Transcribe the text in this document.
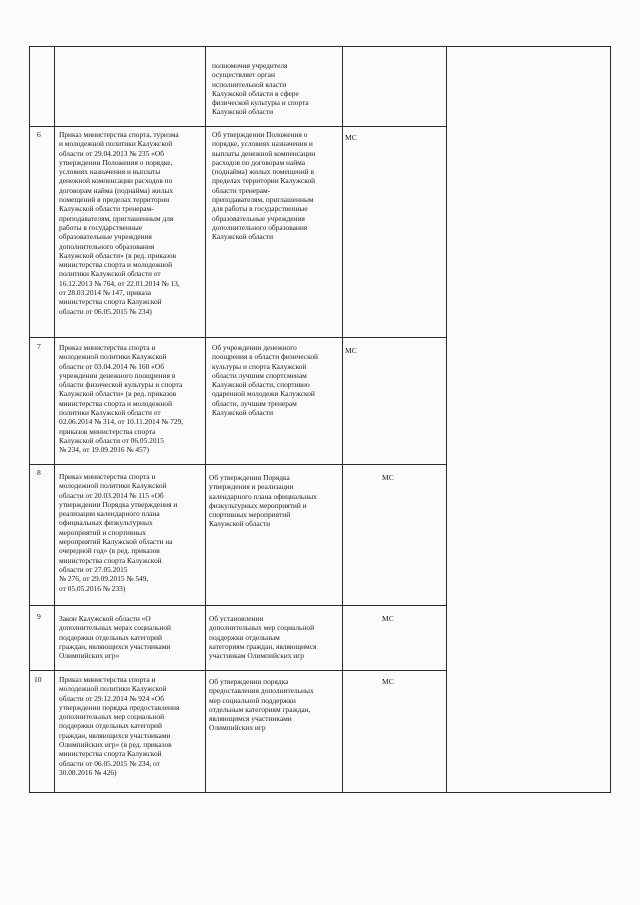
полномочия учредителя
осуществляет орган
исполнительной власти
Калужской области в сфере
физической культуры и спорта
Калужской области
6 Приказ министерства спорта, туризма
и молодежной политики Калужской
области от 29.04.2013 № 235 «Об
утверждении Положения о порядке,
условиях назначения и выплаты
денежной компенсации расходов по
договорам найма (поднайма) жилых
помещений в пределах территории
Калужской области тренерам-
преподавателям, приглашенным для
работы в государственные
образовательные учреждения
дополнительного образования
Калужской области» (в ред. приказов
министерства спорта и молодежной
политики Калужской области от
16.12.2013 № 764, от 22.01.2014 № 13,
от 28.03.2014 № 147, приказа
министерства спорта Калужской
области от 06.05.2015 № 234)
Об утверждении Положения о
порядке, условиях назначения и
выплаты денежной компенсации
расходов по договорам найма
(поднайма) жилых помещений в
пределах территории Калужской
области тренерам-
преподавателям, приглашенным
для работы в государственные
образовательные учреждения
дополнительного образования
Калужской области
МС
7 Приказ министерства спорта и
молодежной политики Калужской
области от 03.04.2014 № 160 «Об
учреждении денежного поощрения в
области физической культуры и спорта
Калужской области» (в ред. приказов
министерства спорта и молодежной
политики Калужской области от
02.06.2014 № 314, от 10.11.2014 № 729,
приказов министерства спорта
Калужской области от 06.05.2015
№ 234, от 19.09.2016 № 457)
Об учреждении денежного
поощрения в области физической
культуры и спорта Калужской
области лучшим спортсменам
Калужской области, спортивно
одаренной молодежи Калужской
области, лучшим тренерам
Калужской области
МС
8 Приказ министерства спорта и
молодежной политики Калужской
области от 20.03.2014 № 115 «Об
утверждении Порядка утверждения и
реализации календарного плана
официальных физкультурных
мероприятий и спортивных
мероприятий Калужской области на
очередной год» (в ред. приказов
министерства спорта Калужской
области от 27.05.2015
№ 276, от 29.09.2015 № 549,
от 05.05.2016 № 233)
Об утверждении Порядка
утверждения и реализации
календарного плана официальных
физкультурных мероприятий и
спортивных мероприятий
Калужской области
МС
9 Закон Калужской области «О
дополнительных мерах социальной
поддержки отдельных категорий
граждан, являющихся участниками
Олимпийских игр»
Об установлении
дополнительных мер социальной
поддержки отдельным
категориям граждан, являющимся
участникам Олимпийских игр
МС
10 Приказ министерства спорта и
молодежной политики Калужской
области от 29.12.2014 № 924 «Об
утверждении порядка предоставления
дополнительных мер социальной
поддержки отдельных категорий
граждан, являющихся участниками
Олимпийских игр» (в ред. приказов
министерства спорта Калужской
области от 06.05.2015 № 234, от
30.08.2016 № 426)
Об утверждении порядка
предоставления дополнительных
мер социальной поддержки
отдельным категориям граждан,
являющимся участниками
Олимпийских игр
МС
